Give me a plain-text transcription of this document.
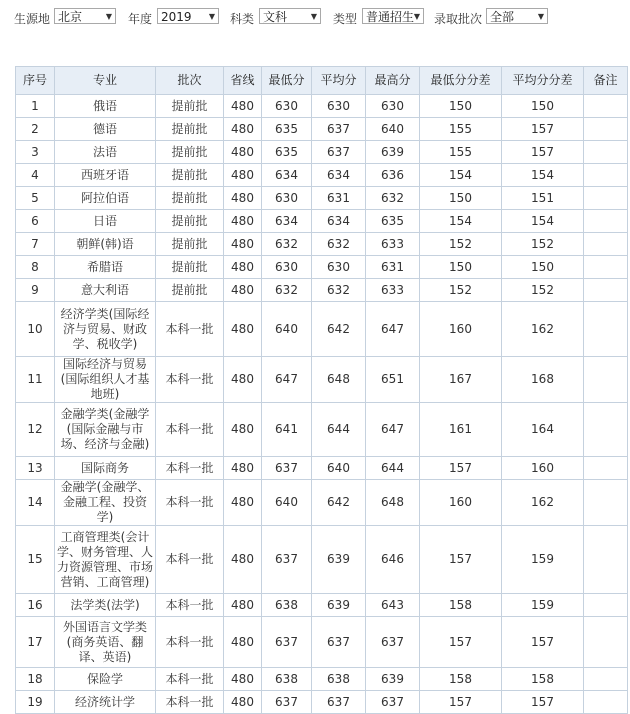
生源地 北京	▼ 年度 2019 ▼ 科类 文科	▼ 类型 普通招生 ▼ 录取批次 全部	▼
序号	专业	批次	省线	最低分	平均分	最高分	最低分分差	平均分分差	备注
1	俄语	提前批	480	630	630	630	150	150	
2	德语	提前批	480	635	637	640	155	157	
3	法语	提前批	480	635	637	639	155	157	
4	西班牙语	提前批	480	634	634	636	154	154	
5	阿拉伯语	提前批	480	630	631	632	150	151	
6	日语	提前批	480	634	634	635	154	154	
7	朝鲜(韩)语	提前批	480	632	632	633	152	152	
8	希腊语	提前批	480	630	630	631	150	150	
9	意大利语	提前批	480	632	632	633	152	152	
10	经济学类(国际经济与贸易、财政学、税收学)	本科一批	480	640	642	647	160	162	
11	国际经济与贸易(国际组织人才基地班)	本科一批	480	647	648	651	167	168	
12	金融学类(金融学(国际金融与市场、经济与金融)	本科一批	480	641	644	647	161	164	
13	国际商务	本科一批	480	637	640	644	157	160	
14	金融学(金融学、金融工程、投资学)	本科一批	480	640	642	648	160	162	
15	工商管理类(会计学、财务管理、人力资源管理、市场营销、工商管理)	本科一批	480	637	639	646	157	159	
16	法学类(法学)	本科一批	480	638	639	643	158	159	
17	外国语言文学类(商务英语、翻译、英语)	本科一批	480	637	637	637	157	157	
18	保险学	本科一批	480	638	638	639	158	158	
19	经济统计学	本科一批	480	637	637	637	157	157	
